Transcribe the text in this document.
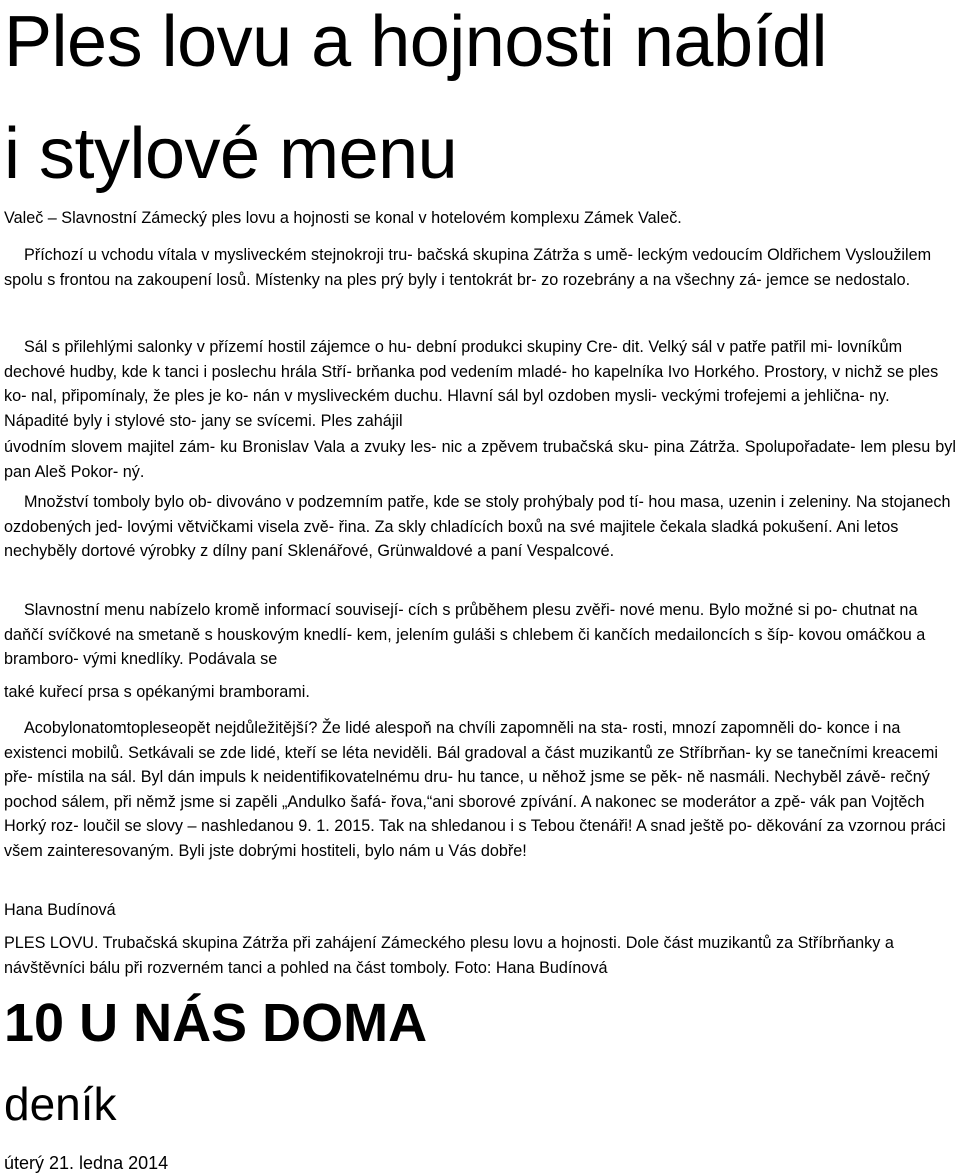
Ples lovu a hojnosti nabídl
i stylové menu

Valeč – Slavnostní Zámecký ples lovu a hojnosti se konal v hotelovém komplexu Zámek Valeč.

Příchozí u vchodu vítala v mysliveckém stejnokroji tru- bačská skupina Zátrža s umě- leckým vedoucím Oldřichem Vysloužilem spolu s frontou na zakoupení losů. Místenky na ples prý byly i tentokrát br- zo rozebrány a na všechny zá- jemce se nedostalo.

Sál s přilehlými salonky v přízemí hostil zájemce o hu- dební produkci skupiny Cre- dit. Velký sál v patře patřil mi- lovníkům dechové hudby, kde k tanci i poslechu hrála Stří- brňanka pod vedením mladé- ho kapelníka Ivo Horkého. Prostory, v nichž se ples ko- nal, připomínaly, že ples je ko- nán v mysliveckém duchu. Hlavní sál byl ozdoben mysli- veckými trofejemi a jehlična- ny. Nápadité byly i stylové sto- jany se svícemi. Ples zahájil

úvodním slovem majitel zám- ku Bronislav Vala a zvuky les- nic a zpěvem trubačská sku- pina Zátrža. Spolupořadate- lem plesu byl pan Aleš Pokor- ný.

Množství tomboly bylo ob- divováno v podzemním patře, kde se stoly prohýbaly pod tí- hou masa, uzenin i zeleniny. Na stojanech ozdobených jed- lovými větvičkami visela zvě- řina. Za skly chladících boxů na své majitele čekala sladká pokušení. Ani letos nechyběly dortové výrobky z dílny paní Sklenářové, Grünwaldové a paní Vespalcové.

Slavnostní menu nabízelo kromě informací souvisejí- cích s průběhem plesu zvěři- nové menu. Bylo možné si po- chutnat na daňčí svíčkové na smetaně s houskovým knedlí- kem, jelením guláši s chlebem či kančích medailoncích s šíp- kovou omáčkou a bramboro- vými knedlíky. Podávala se

také kuřecí prsa s opékanými bramborami.

Acobylonatomtopleseopět nejdůležitější? Že lidé alespoň na chvíli zapomněli na sta- rosti, mnozí zapomněli do- konce i na existenci mobilů. Setkávali se zde lidé, kteří se léta neviděli. Bál gradoval a část muzikantů ze Stříbrňan- ky se tanečními kreacemi pře- místila na sál. Byl dán impuls k neidentifikovatelnému dru- hu tance, u něhož jsme se pěk- ně nasmáli. Nechyběl závě- rečný pochod sálem, při němž jsme si zapěli „Andulko šafá- řova,“ani sborové zpívání. A nakonec se moderátor a zpě- vák pan Vojtěch Horký roz- loučil se slovy – nashledanou 9. 1. 2015. Tak na shledanou i s Tebou čtenáři! A snad ještě po- děkování za vzornou práci všem zainteresovaným. Byli jste dobrými hostiteli, bylo nám u Vás dobře!

Hana Budínová

PLES LOVU. Trubačská skupina Zátrža při zahájení Zámeckého plesu lovu a hojnosti. Dole část muzikantů za Stříbrňanky a návštěvníci bálu při rozverném tanci a pohled na část tomboly. Foto: Hana Budínová

10 U NÁS DOMA
deník
úterý 21. ledna 2014
